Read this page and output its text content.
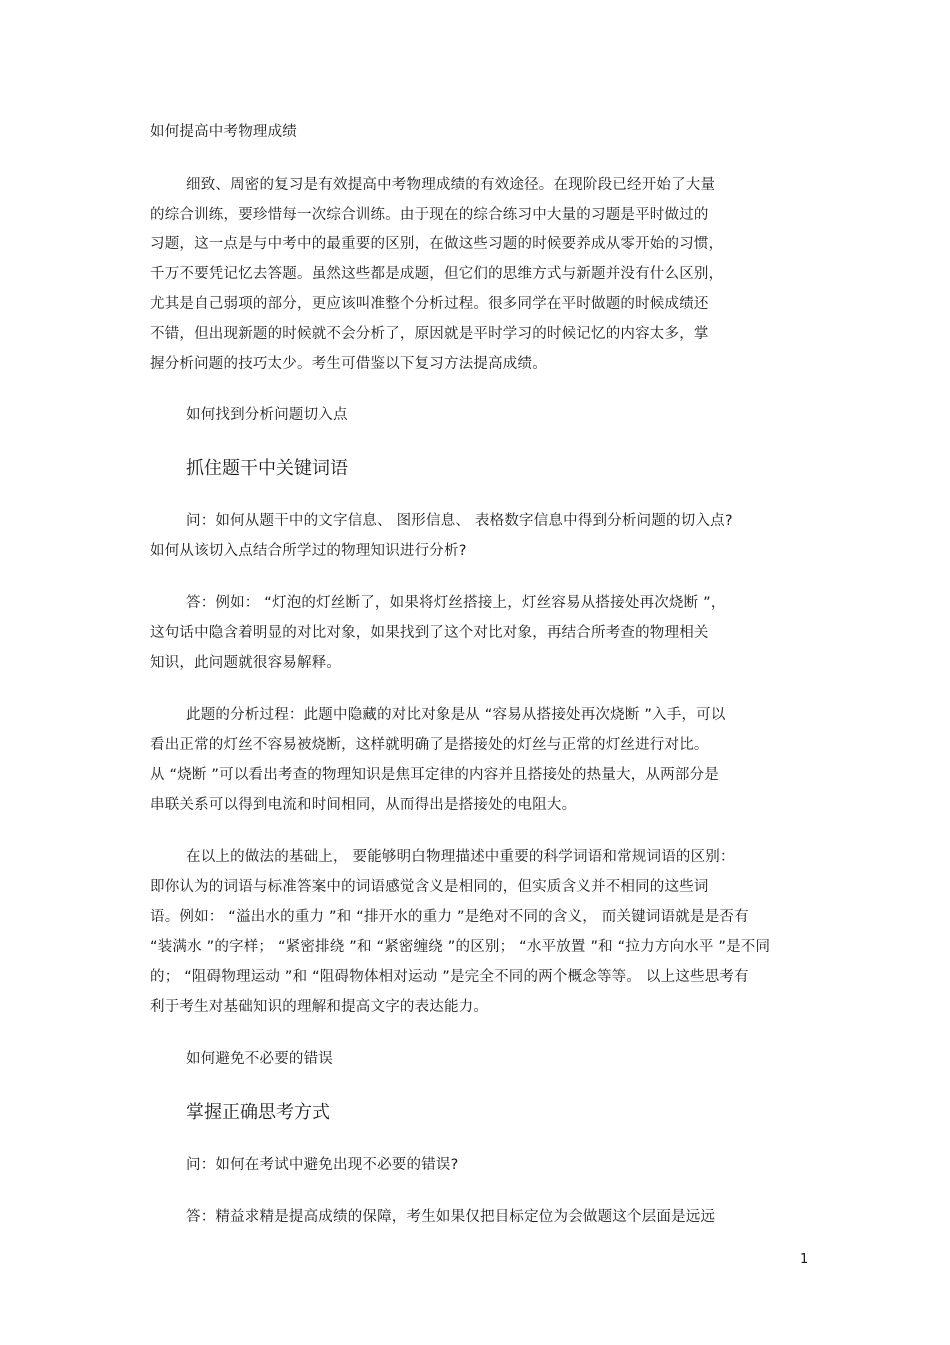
如何提高中考物理成绩
细致、周密的复习是有效提高中考物理成绩的有效途径。在现阶段已经开始了大量
的综合训练，要珍惜每一次综合训练。由于现在的综合练习中大量的习题是平时做过的
习题，这一点是与中考中的最重要的区别，在做这些习题的时候要养成从零开始的习惯，
千万不要凭记忆去答题。虽然这些都是成题，但它们的思维方式与新题并没有什么区别，
尤其是自己弱项的部分，更应该叫准整个分析过程。很多同学在平时做题的时候成绩还
不错，但出现新题的时候就不会分析了，原因就是平时学习的时候记忆的内容太多，掌
握分析问题的技巧太少。考生可借鉴以下复习方法提高成绩。
如何找到分析问题切入点
抓住题干中关键词语
问：如何从题干中的文字信息、 图形信息、 表格数字信息中得到分析问题的切入点?
如何从该切入点结合所学过的物理知识进行分析?
答：例如： “灯泡的灯丝断了，如果将灯丝搭接上，灯丝容易从搭接处再次烧断 ”，
这句话中隐含着明显的对比对象，如果找到了这个对比对象，再结合所考查的物理相关
知识，此问题就很容易解释。
此题的分析过程：此题中隐藏的对比对象是从 “容易从搭接处再次烧断 ”入手，可以
看出正常的灯丝不容易被烧断，这样就明确了是搭接处的灯丝与正常的灯丝进行对比。
从 “烧断 ”可以看出考查的物理知识是焦耳定律的内容并且搭接处的热量大，从两部分是
串联关系可以得到电流和时间相同，从而得出是搭接处的电阻大。
在以上的做法的基础上， 要能够明白物理描述中重要的科学词语和常规词语的区别：
即你认为的词语与标准答案中的词语感觉含义是相同的，但实质含义并不相同的这些词
语。例如： “溢出水的重力 ”和 “排开水的重力 ”是绝对不同的含义， 而关键词语就是是否有
“装满水 ”的字样； “紧密排绕 ”和 “紧密缠绕 ”的区别； “水平放置 ”和 “拉力方向水平 ”是不同
的； “阻碍物理运动 ”和 “阻碍物体相对运动 ”是完全不同的两个概念等等。 以上这些思考有
利于考生对基础知识的理解和提高文字的表达能力。
如何避免不必要的错误
掌握正确思考方式
问：如何在考试中避免出现不必要的错误?
答：精益求精是提高成绩的保障，考生如果仅把目标定位为会做题这个层面是远远
1
